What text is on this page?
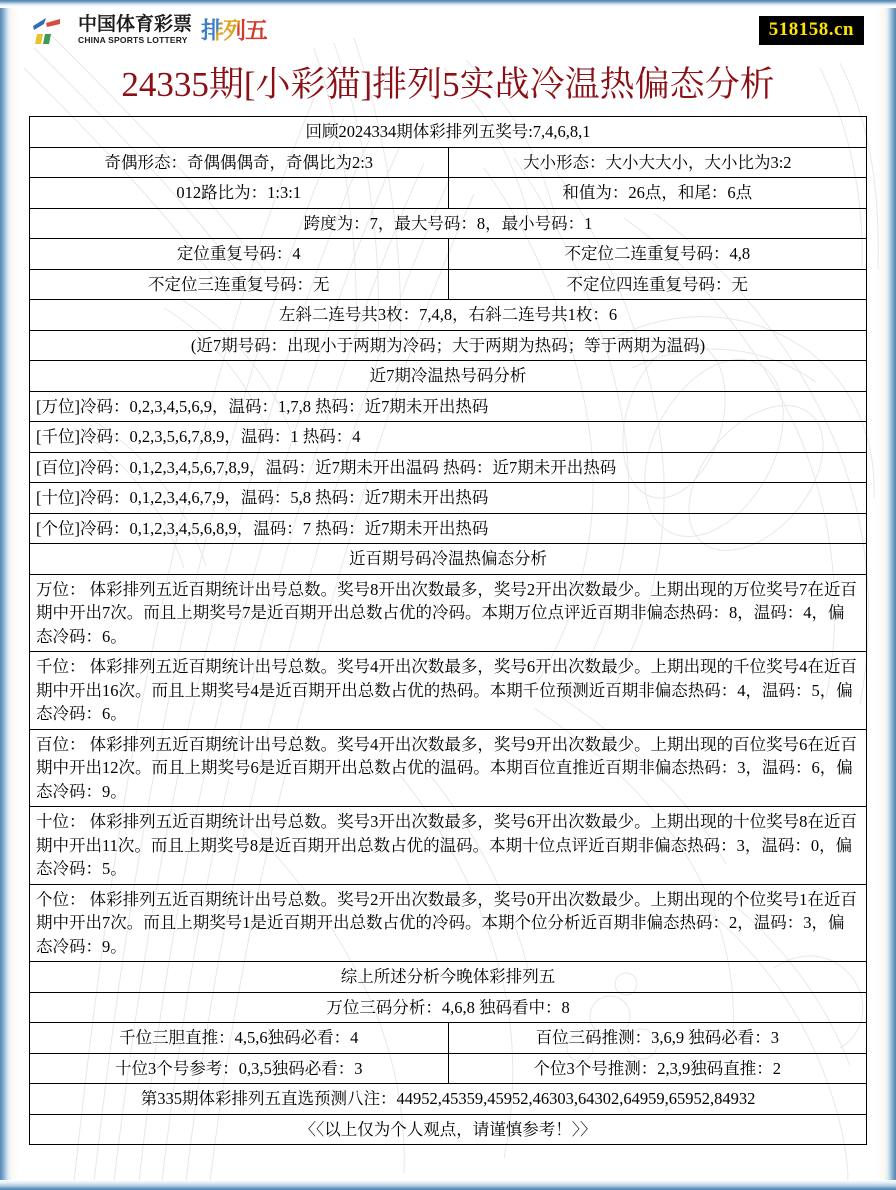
中国体育彩票
CHINA SPORTS LOTTERY 排列五	518158.cn
24335期[小彩猫]排列5实战冷温热偏态分析
回顾2024334期体彩排列五奖号:7,4,6,8,1	
奇偶形态：奇偶偶偶奇，奇偶比为2:3	大小形态：大小大大小，大小比为3:2
012路比为：1:3:1	和值为：26点，和尾：6点
跨度为：7，最大号码：8，最小号码：1	
定位重复号码：4	不定位二连重复号码：4,8
不定位三连重复号码：无	不定位四连重复号码：无
左斜二连号共3枚：7,4,8，右斜二连号共1枚：6	
(近7期号码：出现小于两期为冷码；大于两期为热码；等于两期为温码)	
近7期冷温热号码分析	
[万位]冷码：0,2,3,4,5,6,9，温码：1,7,8 热码：近7期未开出热码	
[千位]冷码：0,2,3,5,6,7,8,9，温码：1 热码：4	
[百位]冷码：0,1,2,3,4,5,6,7,8,9，温码：近7期未开出温码 热码：近7期未开出热码	
[十位]冷码：0,1,2,3,4,6,7,9，温码：5,8 热码：近7期未开出热码	
[个位]冷码：0,1,2,3,4,5,6,8,9，温码：7 热码：近7期未开出热码	
近百期号码冷温热偏态分析	
万位： 体彩排列五近百期统计出号总数。奖号8开出次数最多，奖号2开出次数最少。上期出现的万位奖号7在近百期中开出7次。而且上期奖号7是近百期开出总数占优的冷码。本期万位点评近百期非偏态热码：8，温码：4，偏态冷码：6。	
千位： 体彩排列五近百期统计出号总数。奖号4开出次数最多，奖号6开出次数最少。上期出现的千位奖号4在近百期中开出16次。而且上期奖号4是近百期开出总数占优的热码。本期千位预测近百期非偏态热码：4，温码：5，偏态冷码：6。	
百位： 体彩排列五近百期统计出号总数。奖号4开出次数最多，奖号9开出次数最少。上期出现的百位奖号6在近百期中开出12次。而且上期奖号6是近百期开出总数占优的温码。本期百位直推近百期非偏态热码：3，温码：6，偏态冷码：9。	
十位： 体彩排列五近百期统计出号总数。奖号3开出次数最多，奖号6开出次数最少。上期出现的十位奖号8在近百期中开出11次。而且上期奖号8是近百期开出总数占优的温码。本期十位点评近百期非偏态热码：3，温码：0，偏态冷码：5。	
个位： 体彩排列五近百期统计出号总数。奖号2开出次数最多，奖号0开出次数最少。上期出现的个位奖号1在近百期中开出7次。而且上期奖号1是近百期开出总数占优的冷码。本期个位分析近百期非偏态热码：2，温码：3，偏态冷码：9。	
综上所述分析今晚体彩排列五	
万位三码分析：4,6,8 独码看中：8	
千位三胆直推：4,5,6独码必看：4	百位三码推测：3,6,9 独码必看：3
十位3个号参考：0,3,5独码必看：3	个位3个号推测：2,3,9独码直推：2
第335期体彩排列五直选预测八注：44952,45359,45952,46303,64302,64959,65952,84932	
〈〈以上仅为个人观点，请谨慎参考！〉〉	
